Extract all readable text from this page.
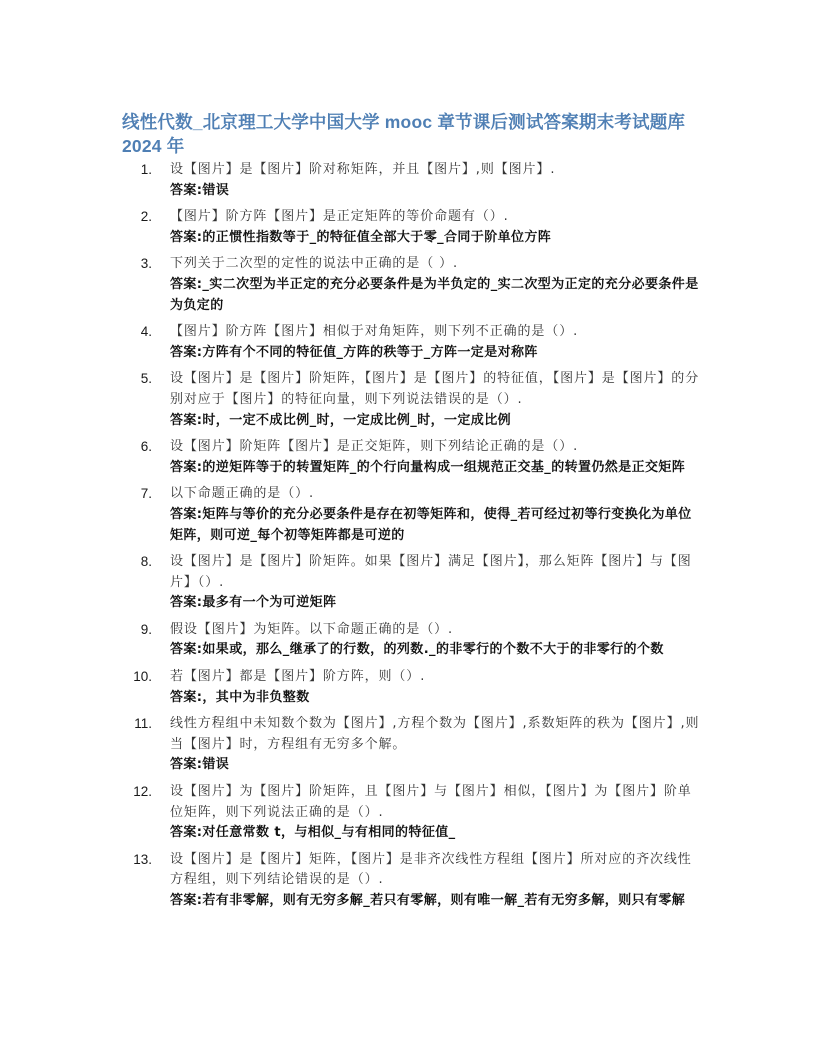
线性代数_北京理工大学中国大学 mooc 章节课后测试答案期末考试题库 2024 年
1. 设【图片】是【图片】阶对称矩阵，并且【图片】,则【图片】.
答案:错误
2. 【图片】阶方阵【图片】是正定矩阵的等价命题有（）.
答案:的正惯性指数等于_的特征值全部大于零_合同于阶单位方阵
3. 下列关于二次型的定性的说法中正确的是（ ）.
答案:_实二次型为半正定的充分必要条件是为半负定的_实二次型为正定的充分必要条件是为负定的
4. 【图片】阶方阵【图片】相似于对角矩阵，则下列不正确的是（）.
答案:方阵有个不同的特征值_方阵的秩等于_方阵一定是对称阵
5. 设【图片】是【图片】阶矩阵，【图片】是【图片】的特征值，【图片】是【图片】的分别对应于【图片】的特征向量，则下列说法错误的是（）.
答案:时，一定不成比例_时，一定成比例_时，一定成比例
6. 设【图片】阶矩阵【图片】是正交矩阵，则下列结论正确的是（）.
答案:的逆矩阵等于的转置矩阵_的个行向量构成一组规范正交基_的转置仍然是正交矩阵
7. 以下命题正确的是（）.
答案:矩阵与等价的充分必要条件是存在初等矩阵和，使得_若可经过初等行变换化为单位矩阵，则可逆_每个初等矩阵都是可逆的
8. 设【图片】是【图片】阶矩阵。如果【图片】满足【图片】，那么矩阵【图片】与【图片】（）.
答案:最多有一个为可逆矩阵
9. 假设【图片】为矩阵。以下命题正确的是（）.
答案:如果或，那么_继承了的行数，的列数._的非零行的个数不大于的非零行的个数
10. 若【图片】都是【图片】阶方阵，则（）.
答案:，其中为非负整数
11. 线性方程组中未知数个数为【图片】,方程个数为【图片】,系数矩阵的秩为【图片】,则当【图片】时，方程组有无穷多个解。
答案:错误
12. 设【图片】为【图片】阶矩阵，且【图片】与【图片】相似，【图片】为【图片】阶单位矩阵，则下列说法正确的是（）.
答案:对任意常数 t，与相似_与有相同的特征值_
13. 设【图片】是【图片】矩阵，【图片】是非齐次线性方程组【图片】所对应的齐次线性方程组，则下列结论错误的是（）.
答案:若有非零解，则有无穷多解_若只有零解，则有唯一解_若有无穷多解，则只有零解
